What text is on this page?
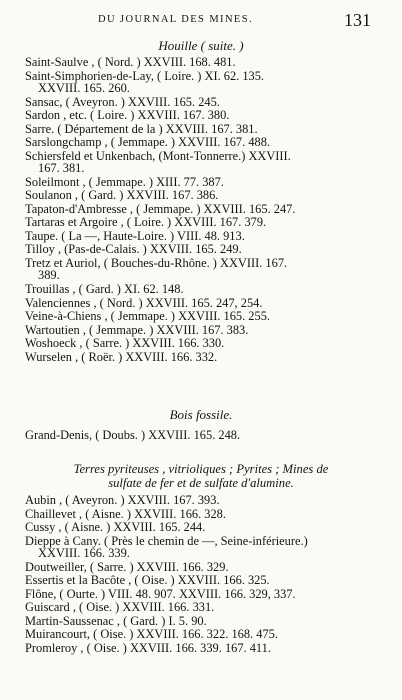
DU JOURNAL DES MINES.	131
Houille ( suite. )
Saint-Saulve , ( Nord. ) XXVIII. 168. 481.
Saint-Simphorien-de-Lay, ( Loire. ) XI. 62. 135.
XXVIII. 165. 260.
Sansac, ( Aveyron. ) XXVIII. 165. 245.
Sardon , etc. ( Loire. ) XXVIII. 167. 380.
Sarre. ( Département de la ) XXVIII. 167. 381.
Sarslongchamp , ( Jemmape. ) XXVIII. 167. 488.
Schiersfeld et Unkenbach, (Mont-Tonnerre.) XXVIII.
167. 381.
Soleilmont , ( Jemmape. ) XIII. 77. 387.
Soulanon , ( Gard. ) XXVIII. 167. 386.
Tapaton-d'Ambresse , ( Jemmape. ) XXVIII. 165. 247.
Tartaras et Argoire , ( Loire. ) XXVIII. 167. 379.
Taupe. ( La —, Haute-Loire. ) VIII. 48. 913.
Tilloy , (Pas-de-Calais. ) XXVIII. 165. 249.
Tretz et Auriol, ( Bouches-du-Rhône. ) XXVIII. 167.
389.
Trouillas , ( Gard. ) XI. 62. 148.
Valenciennes , ( Nord. ) XXVIII. 165. 247, 254.
Veine-à-Chiens , ( Jemmape. ) XXVIII. 165. 255.
Wartoutien , ( Jemmape. ) XXVIII. 167. 383.
Woshoeck , ( Sarre. ) XXVIII. 166. 330.
Wurselen , ( Roër. ) XXVIII. 166. 332.
Bois fossile.
Grand-Denis, ( Doubs. ) XXVIII. 165. 248.
Terres pyriteuses , vitrioliques ; Pyrites ; Mines de
sulfate de fer et de sulfate d'alumine.
Aubin , ( Aveyron. ) XXVIII. 167. 393.
Chaillevet , ( Aisne. ) XXVIII. 166. 328.
Cussy , ( Aisne. ) XXVIII. 165. 244.
Dieppe à Cany. ( Près le chemin de —, Seine-inférieure.)
XXVIII. 166. 339.
Doutweiller, ( Sarre. ) XXVIII. 166. 329.
Essertis et la Bacôte , ( Oise. ) XXVIII. 166. 325.
Flône, ( Ourte. ) VIII. 48. 907. XXVIII. 166. 329, 337.
Guiscard , ( Oise. ) XXVIII. 166. 331.
Martin-Saussenac , ( Gard. ) I. 5. 90.
Muirancourt, ( Oise. ) XXVIII. 166. 322. 168. 475.
Promleroy , ( Oise. ) XXVIII. 166. 339. 167. 411.
